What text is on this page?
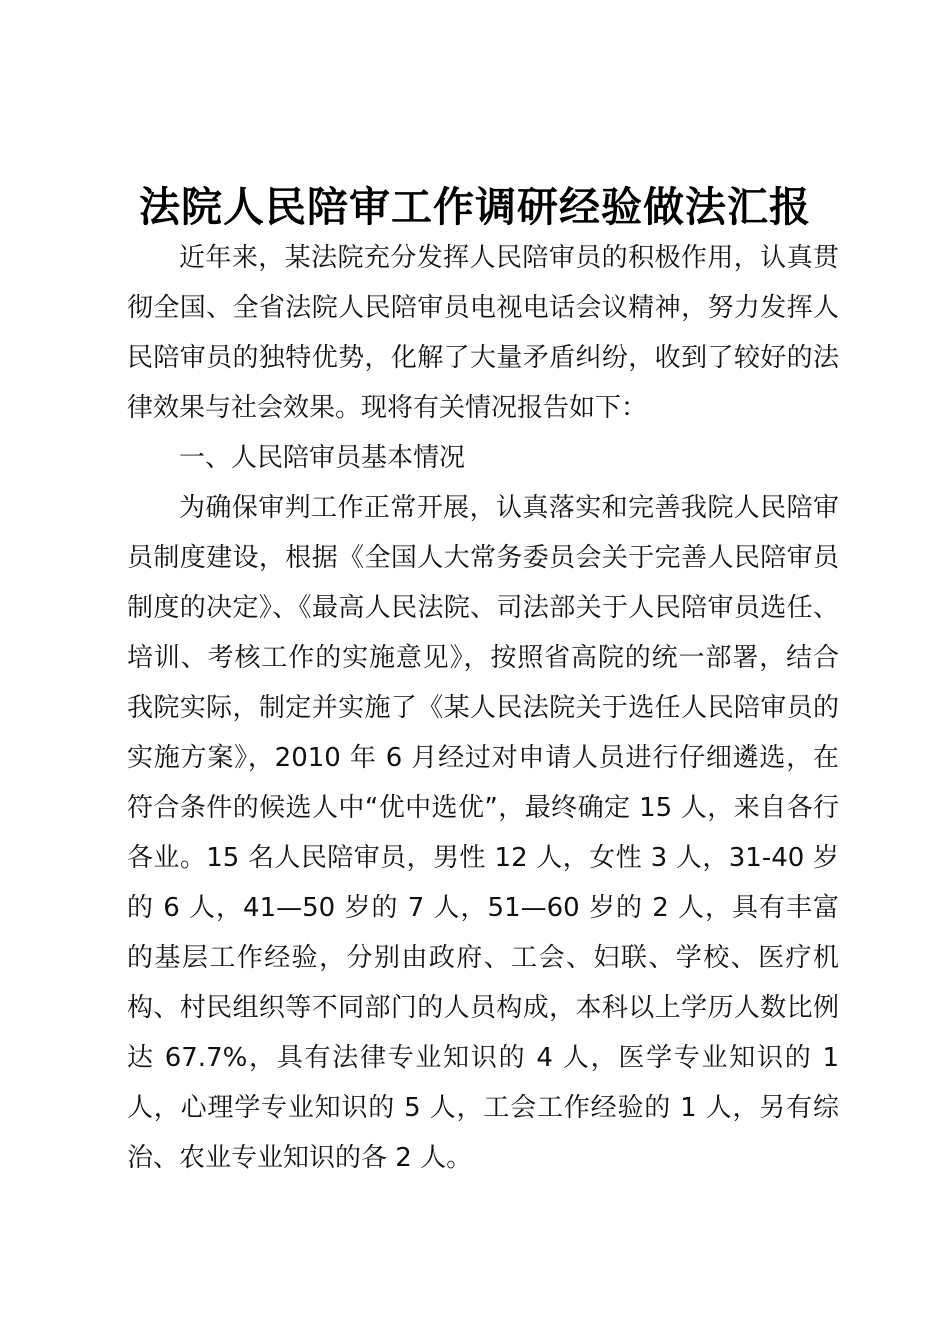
法院人民陪审工作调研经验做法汇报

近年来，某法院充分发挥人民陪审员的积极作用，认真贯彻全国、全省法院人民陪审员电视电话会议精神，努力发挥人民陪审员的独特优势，化解了大量矛盾纠纷，收到了较好的法律效果与社会效果。现将有关情况报告如下：

一、人民陪审员基本情况

为确保审判工作正常开展，认真落实和完善我院人民陪审员制度建设，根据《全国人大常务委员会关于完善人民陪审员制度的决定》、《最高人民法院、司法部关于人民陪审员选任、培训、考核工作的实施意见》，按照省高院的统一部署，结合我院实际，制定并实施了《某人民法院关于选任人民陪审员的实施方案》，2010 年 6 月经过对申请人员进行仔细遴选，在符合条件的候选人中“优中选优”，最终确定 15 人，来自各行各业。15 名人民陪审员，男性 12 人，女性 3 人，31-40 岁的 6 人，41—50 岁的 7 人，51—60 岁的 2 人，具有丰富的基层工作经验，分别由政府、工会、妇联、学校、医疗机构、村民组织等不同部门的人员构成，本科以上学历人数比例达 67.7%，具有法律专业知识的 4 人，医学专业知识的 1 人，心理学专业知识的 5 人，工会工作经验的 1 人，另有综治、农业专业知识的各 2 人。
